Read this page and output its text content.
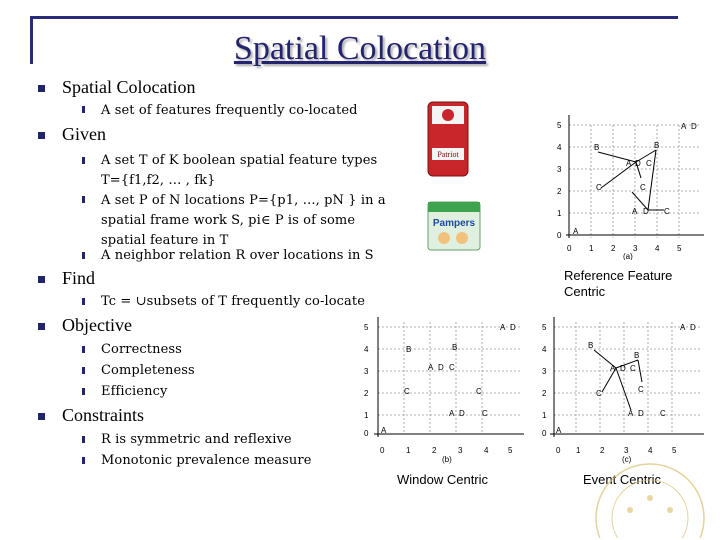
Spatial Colocation
Spatial Colocation
A set of features frequently co-located
Given
A set T of K boolean spatial feature types T={f1,f2, … , fk}
A set P of N locations P={p1, …, pN } in a spatial frame work S, pi∈ P is of some spatial feature in T
A neighbor relation R over locations in S
Find
Tc = ∪subsets of T frequently co-locate
Objective
Correctness
Completeness
Efficiency
Constraints
R is symmetric and reflexive
Monotonic prevalence measure
Patriot
Pampers
5
4
3
2
1
0
0 1 2 3 4 5
(a)
A D
B	B
A D C
C	C
A D C
A
Reference Feature Centric
5
4
3
2
1
0
0	1	2	3	4 5
(b)
A D
B	B
A D C
C	C
A D C
A
Window Centric
5
4
3
2
1
0
0 1 2 3 4 5
(c)
A D
B
B
A D C
C	C
A D C
A
Event Centric
